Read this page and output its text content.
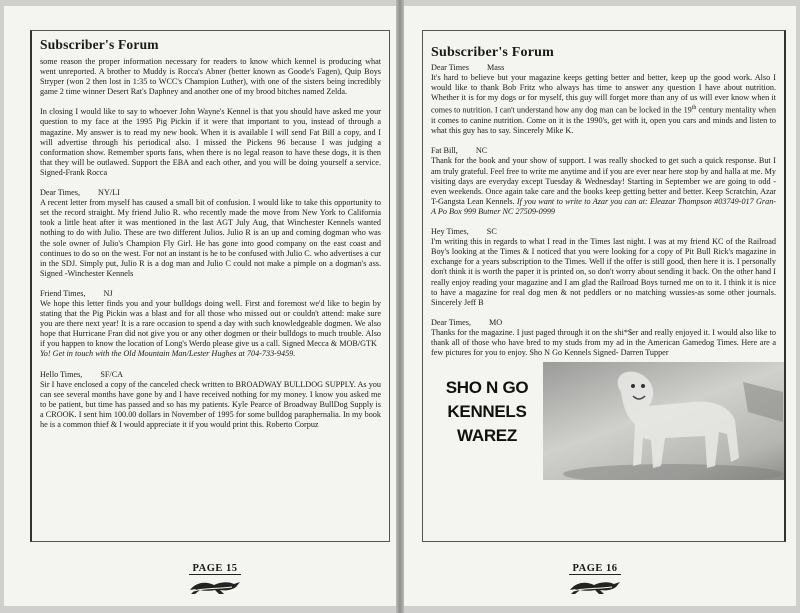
Subscriber's Forum

some reason the proper information necessary for readers to know which kennel is producing what went unreported. A brother to Muddy is Rocca's Abner (better known as Goode's Fagen), Quip Boys Stryper (won 2 then lost in 1:35 to WCC's Champion Luther), with one of the sisters being incredibly game 2 time winner Desert Rat's Daphney and another one of my brood bitches named Zelda.

In closing I would like to say to whoever John Wayne's Kennel is that you should have asked me your question to my face at the 1995 Pig Pickin if it were that important to you, instead of through a magazine. My answer is to read my new book. When it is available I will send Fat Bill a copy, and I will advertise through his periodical also. I missed the Pickens 96 because I was judging a conformation show. Remember sports fans, when there is no legal reason to have these dogs, it is then that they will be outlawed. Support the EBA and each other, and you will be doing yourself a service. Signed-Frank Rocca

Dear Times, NY/LI

A recent letter from myself has caused a small bit of confusion. I would like to take this opportunity to set the record straight. My friend Julio R. who recently made the move from New York to California took a little heat after it was mentioned in the last AGT July Aug, that Winchester Kennels wanted nothing to do with Julio. These are two different Julios. Julio R is an up and coming dogman who was the sole owner of Julio's Champion Fly Girl. He has gone into good company on the east coast and continues to do so on the west. For not an instant is he to be confused with Julio C. who advertises a cur in the SDJ. Simply put, Julio R is a dog man and Julio C could not make a pimple on a dogman's ass. Signed -Winchester Kennels

Friend Times, NJ

We hope this letter finds you and your bulldogs doing well. First and foremost we'd like to begin by stating that the Pig Pickin was a blast and for all those who missed out or couldn't attend: make sure you are there next year! It is a rare occasion to spend a day with such knowledgeable dogmen. We also hope that Hurricane Fran did not give you or any other dogmen or their bulldogs to much trouble. Also if you happen to know the location of Long's Werdo please give us a call. Signed Mecca & MOB/GTK

Yo! Get in touch with the Old Mountain Man/Lester Hughes at 704-733-9459.

Hello Times, SF/CA

Sir I have enclosed a copy of the canceled check written to BROADWAY BULLDOG SUPPLY. As you can see several months have gone by and I have received nothing for my money. I know you asked me to be patient, but time has passed and so has my patients. Kyle Pearce of Broadway BullDog Supply is a CROOK. I sent him 100.00 dollars in November of 1995 for some bulldog paraphernalia. In my book he is a common thief & I would appreciate it if you would print this. Roberto Corpuz

PAGE 15
Subscriber's Forum
Dear Times Mass

It's hard to believe but your magazine keeps getting better and better, keep up the good work. Also I would like to thank Bob Fritz who always has time to answer any question I have about nutrition. Whether it is for my dogs or for myself, this guy will forget more than any of us will ever know when it comes to nutrition. I can't understand how any dog man can be locked in the 19th century mentality when it comes to canine nutrition. Come on it is the 1990's, get with it, open you cars and minds and listen to what this guy has to say. Sincerely Mike K.

Fat Bill, NC

Thank for the book and your show of support. I was really shocked to get such a quick response. But I am truly grateful. Feel free to write me anytime and if you are ever near here stop by and halla at me. My visiting days are everyday except Tuesday & Wednesday! Starting in September we are going to odd - even weekends. Once again take care and the books keep getting better and better. Keep Scratchin, Azar T-Gangsta Lean Kennels. If you want to write to Azar you can at: Eleazar Thompson #03749-017 Gran-A Po Box 999 Butner NC 27509-0999

Hey Times, SC

I'm writing this in regards to what I read in the Times last night. I was at my friend KC of the Railroad Boy's looking at the Times & I noticed that you were looking for a copy of Pit Bull Rick's magazine in exchange for a years subscription to the Times. Well if the offer is still good, then here it is. I personally don't think it is worth the paper it is printed on, so don't worry about sending it back. On the other hand I really enjoy reading your magazine and I am glad the Railroad Boys turned me on to it. I think it is nice to have a magazine for real dog men & not peddlers or no matching wussies-as some other journals. Sincerely Jeff B

Dear Times, MO

Thanks for the magazine. I just paged through it on the shi*$er and really enjoyed it. I would also like to thank all of those who have bred to my studs from my ad in the American Gamedog Times. Here are a few pictures for you to enjoy. Sho N Go Kennels Signed- Darren Tupper

SHO N GO
KENNELS
WAREZ
PAGE 16
